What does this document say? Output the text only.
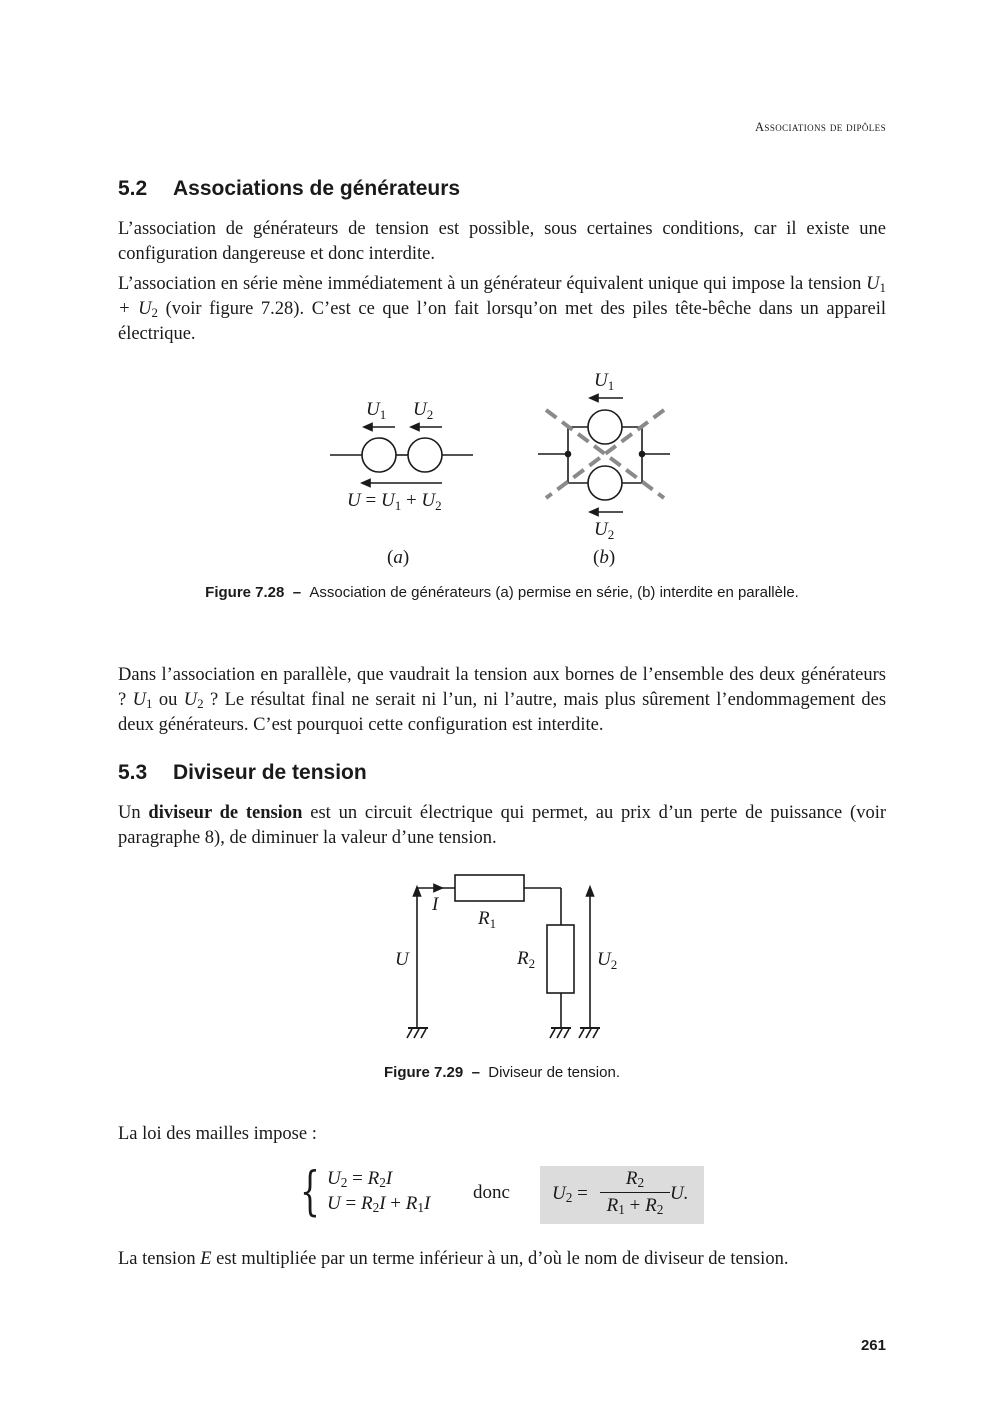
Associations de dipôles
5.2 Associations de générateurs

L’association de générateurs de tension est possible, sous certaines conditions, car il existe une configuration dangereuse et donc interdite.

L’association en série mène immédiatement à un générateur équivalent unique qui impose la tension $U_1 + U_2$ (voir figure 7.28). C’est ce que l’on fait lorsqu’on met des piles tête-bêche dans un appareil électrique.

$U_1$ $U_2$
$U = U_1 + U_2$
(a)
$U_1$
$U_2$
(b)

Figure 7.28 – Association de générateurs (a) permise en série, (b) interdite en parallèle.

Dans l’association en parallèle, que vaudrait la tension aux bornes de l’ensemble des deux générateurs ? $U_1$ ou $U_2$ ? Le résultat final ne serait ni l’un, ni l’autre, mais plus sûrement l’endommagement des deux générateurs. C’est pourquoi cette configuration est interdite.

5.3 Diviseur de tension

Un diviseur de tension est un circuit électrique qui permet, au prix d’un perte de puissance (voir paragraphe 8), de diminuer la valeur d’une tension.

I
$R_1$
$R_2$
U	$U_2$

Figure 7.29 – Diviseur de tension.

La loi des mailles impose :

{ $U_2 = R_2I$
$U = R_2I + R_1I$
donc $U_2$ =
$R_2$
$R_1 + R_2$
U.

La tension E est multipliée par un terme inférieur à un, d’où le nom de diviseur de tension.

261
